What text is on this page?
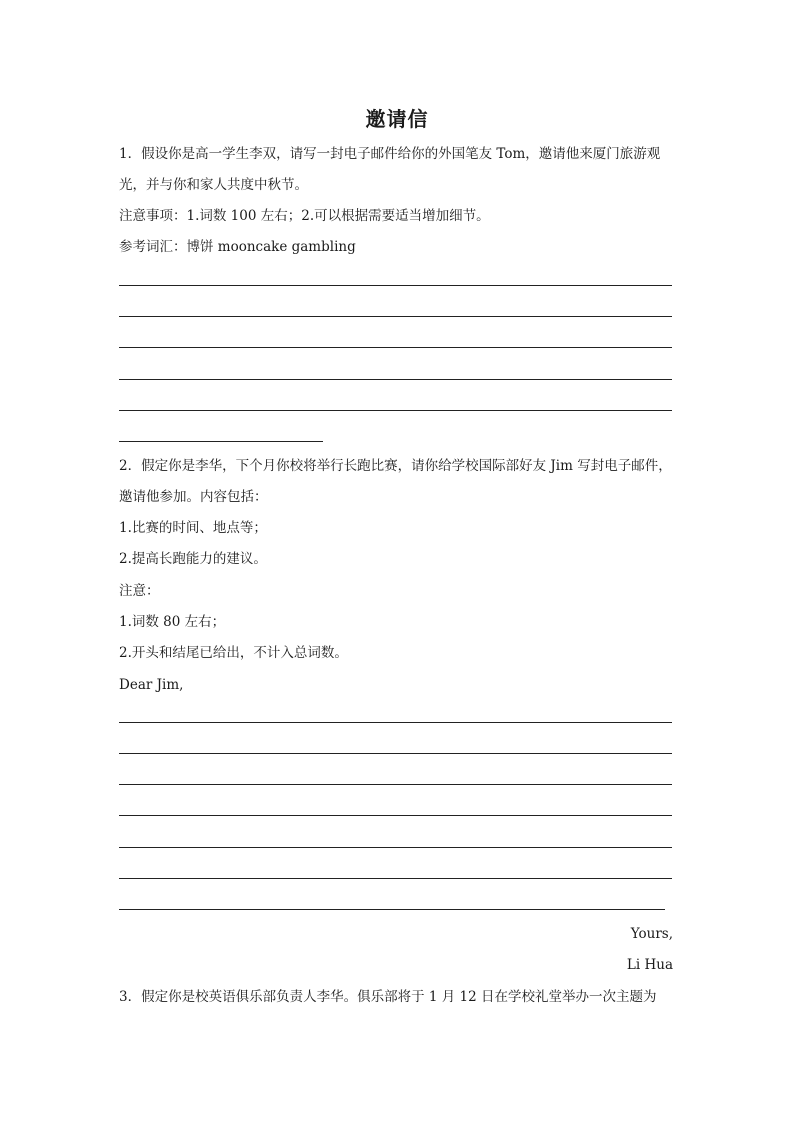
邀请信
1．假设你是高一学生李双，请写一封电子邮件给你的外国笔友 Tom，邀请他来厦门旅游观
光，并与你和家人共度中秋节。
注意事项：1.词数 100 左右；2.可以根据需要适当增加细节。
参考词汇：博饼 mooncake gambling
2．假定你是李华，下个月你校将举行长跑比赛，请你给学校国际部好友 Jim 写封电子邮件，
邀请他参加。内容包括：
1.比赛的时间、地点等；
2.提高长跑能力的建议。
注意：
1.词数 80 左右；
2.开头和结尾已给出，不计入总词数。
Dear Jim,
Yours,
Li Hua
3．假定你是校英语俱乐部负责人李华。俱乐部将于 1 月 12 日在学校礼堂举办一次主题为
